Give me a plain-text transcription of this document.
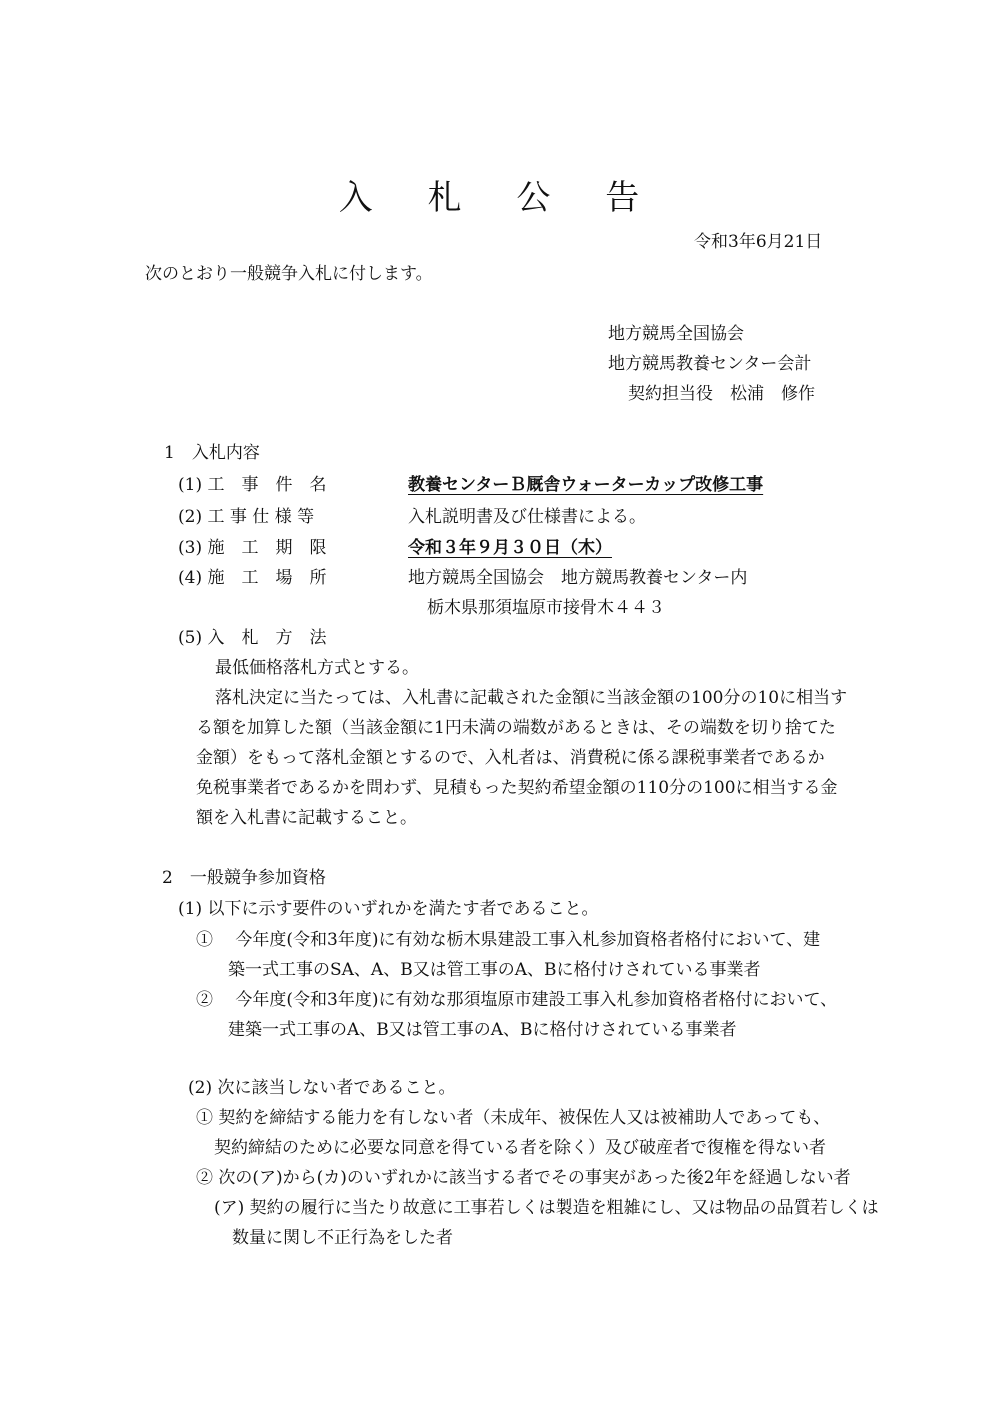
入 札 公 告
令和3年6月21日
次のとおり一般競争入札に付します。
地方競馬全国協会
地方競馬教養センター会計
契約担当役　松浦　修作
1　入札内容
(1) 工　事　件　名	教養センターＢ厩舎ウォーターカップ改修工事
(2) 工 事 仕 様 等	入札説明書及び仕様書による。
(3) 施　工　期　限	令和３年９月３０日（木）
(4) 施　工　場　所	地方競馬全国協会　地方競馬教養センター内
栃木県那須塩原市接骨木４４３
(5) 入　札　方　法
最低価格落札方式とする。
落札決定に当たっては、入札書に記載された金額に当該金額の100分の10に相当す
る額を加算した額（当該金額に1円未満の端数があるときは、その端数を切り捨てた
金額）をもって落札金額とするので、入札者は、消費税に係る課税事業者であるか
免税事業者であるかを問わず、見積もった契約希望金額の110分の100に相当する金
額を入札書に記載すること。
2　一般競争参加資格
(1) 以下に示す要件のいずれかを満たす者であること。
①　 今年度(令和3年度)に有効な栃木県建設工事入札参加資格者格付において、建
築一式工事のSA、A、B又は管工事のA、Bに格付けされている事業者
②　 今年度(令和3年度)に有効な那須塩原市建設工事入札参加資格者格付において、
建築一式工事のA、B又は管工事のA、Bに格付けされている事業者
(2) 次に該当しない者であること。
① 契約を締結する能力を有しない者（未成年、被保佐人又は被補助人であっても、
契約締結のために必要な同意を得ている者を除く）及び破産者で復権を得ない者
② 次の(ア)から(カ)のいずれかに該当する者でその事実があった後2年を経過しない者
(ア) 契約の履行に当たり故意に工事若しくは製造を粗雑にし、又は物品の品質若しくは
数量に関し不正行為をした者
